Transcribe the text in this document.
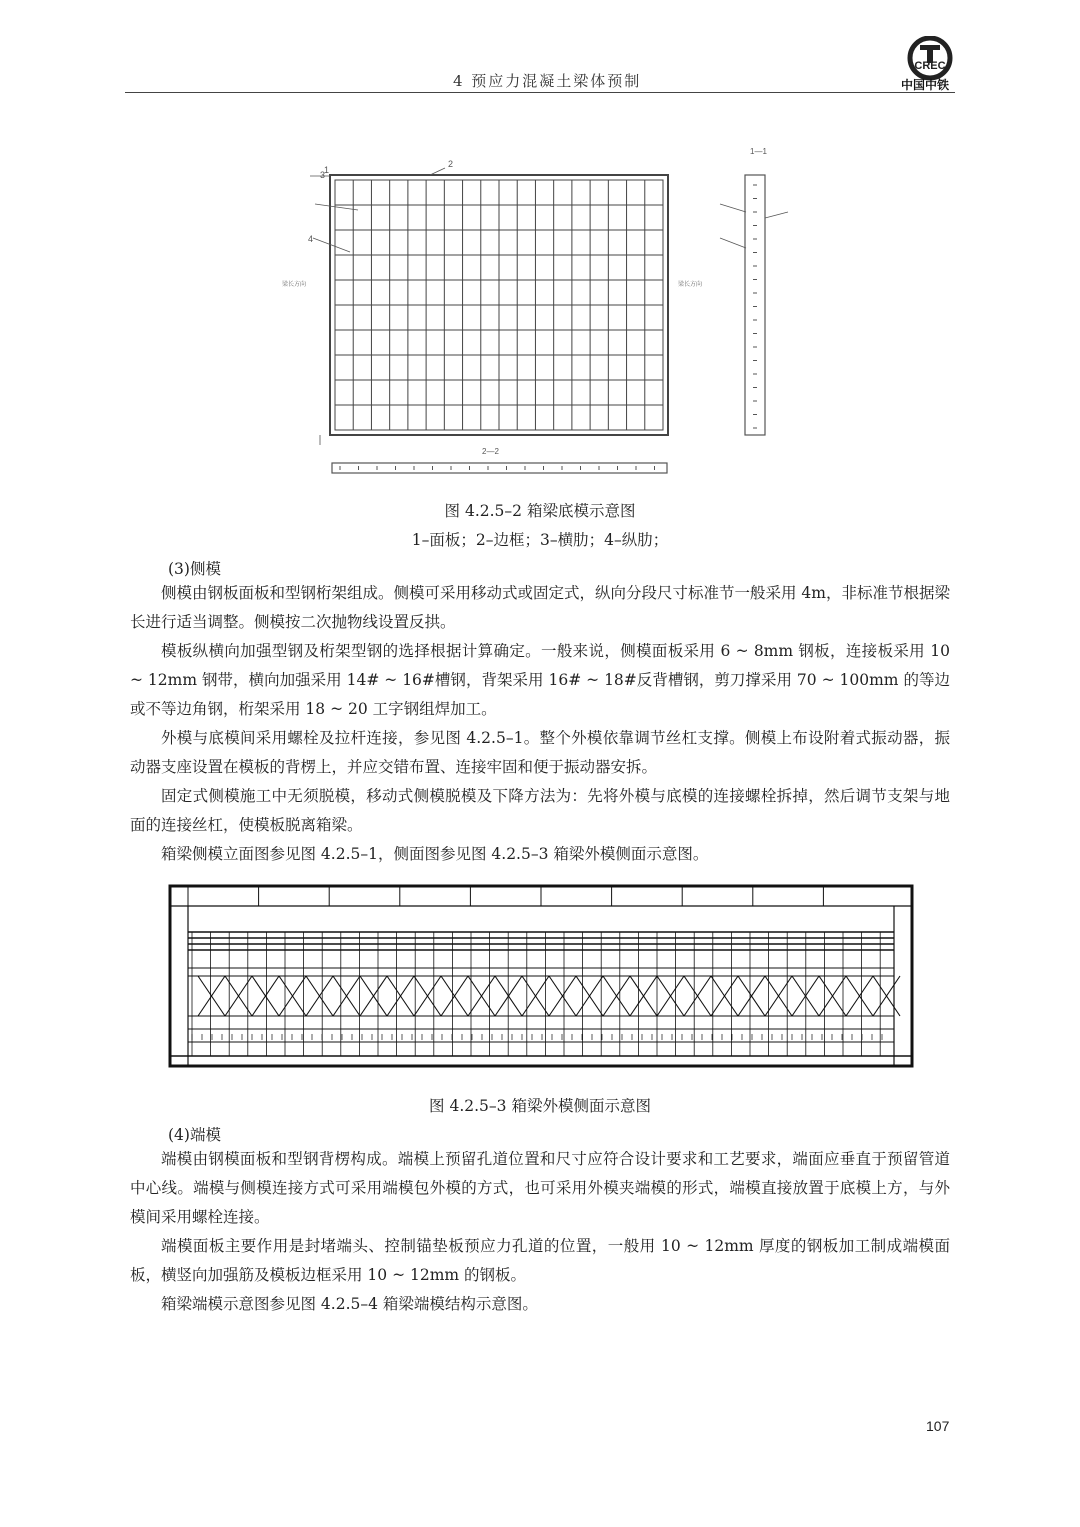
4 预应力混凝土梁体预制
CREC
中国中铁
3
4
2
1
梁长方向	梁长方向
1—1
2—2
图 4.2.5–2 箱梁底模示意图
1–面板；2–边框；3–横肋；4–纵肋；
(3)侧模

侧模由钢板面板和型钢桁架组成。侧模可采用移动式或固定式，纵向分段尺寸标准节一般采用 4m，非标准节根据梁长进行适当调整。侧模按二次抛物线设置反拱。

模板纵横向加强型钢及桁架型钢的选择根据计算确定。一般来说，侧模面板采用 6 ~ 8mm 钢板，连接板采用 10 ~ 12mm 钢带，横向加强采用 14# ~ 16#槽钢，背架采用 16# ~ 18#反背槽钢，剪刀撑采用 70 ~ 100mm 的等边或不等边角钢，桁架采用 18 ~ 20 工字钢组焊加工。

外模与底模间采用螺栓及拉杆连接，参见图 4.2.5–1。整个外模依靠调节丝杠支撑。侧模上布设附着式振动器，振动器支座设置在模板的背楞上，并应交错布置、连接牢固和便于振动器安拆。

固定式侧模施工中无须脱模，移动式侧模脱模及下降方法为：先将外模与底模的连接螺栓拆掉，然后调节支架与地面的连接丝杠，使模板脱离箱梁。

箱梁侧模立面图参见图 4.2.5–1，侧面图参见图 4.2.5–3 箱梁外模侧面示意图。

图 4.2.5–3 箱梁外模侧面示意图
(4)端模

端模由钢模面板和型钢背楞构成。端模上预留孔道位置和尺寸应符合设计要求和工艺要求，端面应垂直于预留管道中心线。端模与侧模连接方式可采用端模包外模的方式，也可采用外模夹端模的形式，端模直接放置于底模上方，与外模间采用螺栓连接。

端模面板主要作用是封堵端头、控制锚垫板预应力孔道的位置，一般用 10 ~ 12mm 厚度的钢板加工制成端模面板，横竖向加强筋及模板边框采用 10 ~ 12mm 的钢板。

箱梁端模示意图参见图 4.2.5–4 箱梁端模结构示意图。

107
